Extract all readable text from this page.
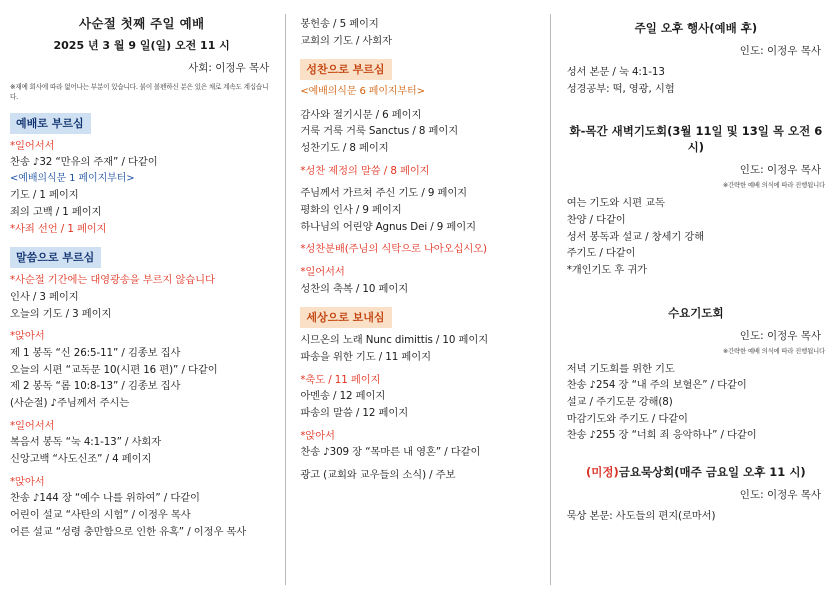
사순절 첫째 주일 예배
2025 년 3 월 9 일(일) 오전 11 시
사회: 이정우 목사
※재예 회사에 따라 없어나는 부분이 있습니다. 붉이 볼펜하신 분은 있은 채로 계속도 계십습니다.
예배로 부르심
*일어서서
찬송 ♪32 “만유의 주재” / 다같이
<예배의식문 1 페이지부터>
기도 / 1 페이지
죄의 고백 / 1 페이지
*사죄 선언 / 1 페이지
말씀으로 부르심
*사순절 기간에는 대영광송을 부르지 않습니다
인사 / 3 페이지
오늘의 기도 / 3 페이지
*앉아서
제 1 봉독 “신 26:5-11” / 김종보 집사
오늘의 시편 “교독문 10(시편 16 편)” / 다같이
제 2 봉독 “롬 10:8-13” / 김종보 집사
(사순절) ♪주님께서 주시는
*일어서서
복음서 봉독 “눅 4:1-13” / 사회자
신앙고백 “사도신조” / 4 페이지
*앉아서
찬송 ♪144 장 “예수 나를 위하여” / 다같이
어린이 설교 “사탄의 시험” / 이정우 목사
어른 설교 “성령 충만함으로 인한 유혹” / 이정우 목사
봉헌송 / 5 페이지
교회의 기도 / 사회자
성찬으로 부르심
<예배의식문 6 페이지부터>
감사와 절기시문 / 6 페이지
거룩 거룩 거룩 Sanctus / 8 페이지
성찬기도 / 8 페이지
*성찬 제정의 말씀 / 8 페이지
주님께서 가르쳐 주신 기도 / 9 페이지
평화의 인사 / 9 페이지
하나님의 어린양 Agnus Dei / 9 페이지
*성찬분배(주님의 식탁으로 나아오십시오)
*일어서서
성찬의 축복 / 10 페이지
세상으로 보내심
시므온의 노래 Nunc dimittis / 10 페이지
파송을 위한 기도 / 11 페이지
*축도 / 11 페이지
아멘송 / 12 페이지
파송의 말씀 / 12 페이지
*앉아서
찬송 ♪309 장 “목마른 내 영혼” / 다같이
광고 (교회와 교우들의 소식) / 주보
주일 오후 행사(예배 후)
인도: 이정우 목사
성서 본문 / 눅 4:1-13
성경공부: 떡, 영광, 시험
화-목간 새벽기도회(3월 11일 및 13일 목 오전 6시)
인도: 이정우 목사
※간략한 예배 의식에 따라 진행됩니다
여는 기도와 시편 교독
찬양 / 다같이
성서 봉독과 설교 / 창세기 강해
주기도 / 다같이
*개인기도 후 귀가
수요기도회
인도: 이정우 목사
※간략한 예배 의식에 따라 진행됩니다
저녁 기도회를 위한 기도
찬송 ♪254 장 “내 주의 보혈은” / 다같이
설교 / 주기도문 강해(8)
마감기도와 주기도 / 다같이
찬송 ♪255 장 “너희 죄 응악하나” / 다같이
(미정)금요묵상회(매주 금요일 오후 11 시)
인도: 이정우 목사
묵상 본문: 사도들의 편지(로마서)
